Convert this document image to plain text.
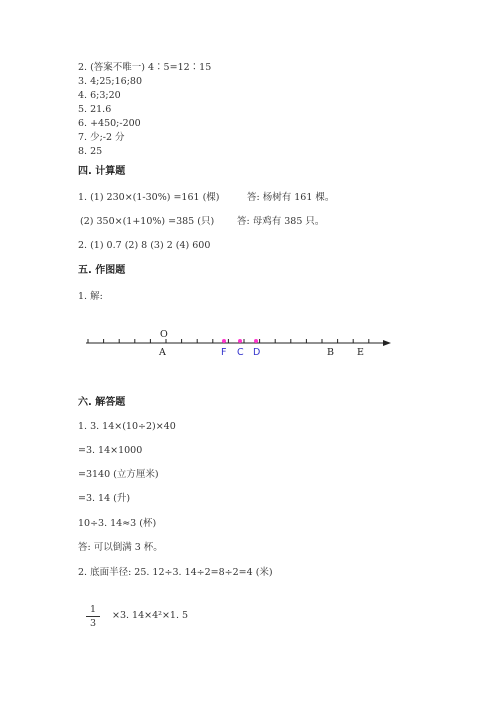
2. (答案不唯一) 4∶5=12∶15
3. 4;25;16;80
4. 6;3;20
5. 21.6
6. +450;-200
7. 少;-2 分
8. 25
四. 计算题
1. (1) 230×(1-30%) =161 (棵)	答: 杨树有 161 棵。
(2) 350×(1+10%) =385 (只) 答: 母鸡有 385 只。
2. (1) 0.7 (2) 8 (3) 2 (4) 600
五. 作图题
1. 解:
O
A	F C D	B E
六. 解答题
1. 3. 14×(10÷2)×40
=3. 14×1000
=3140 (立方厘米)
=3. 14 (升)
10÷3. 14≈3 (杯)
答: 可以倒满 3 杯。
2. 底面半径: 25. 12÷3. 14÷2=8÷2=4 (米)
1
3
×3. 14×4²×1. 5
